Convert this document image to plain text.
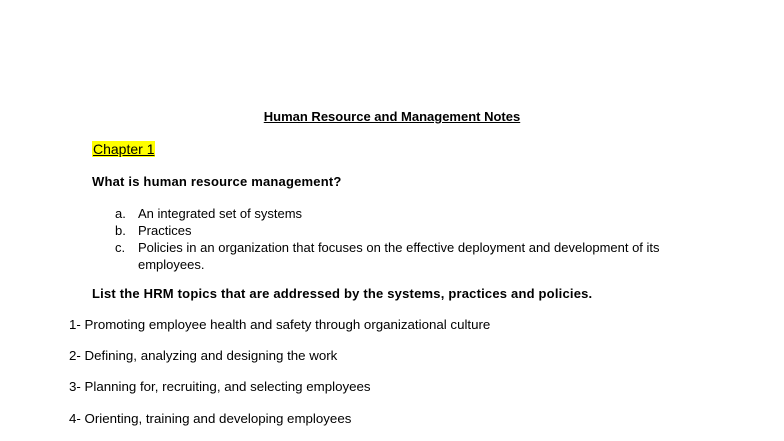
Human Resource and Management Notes
Chapter 1
What is human resource management?
a. An integrated set of systems
b. Practices
c. Policies in an organization that focuses on the effective deployment and development of its employees.
List the HRM topics that are addressed by the systems, practices and policies.
1- Promoting employee health and safety through organizational culture
2- Defining, analyzing and designing the work
3- Planning for, recruiting, and selecting employees
4- Orienting, training and developing employees
